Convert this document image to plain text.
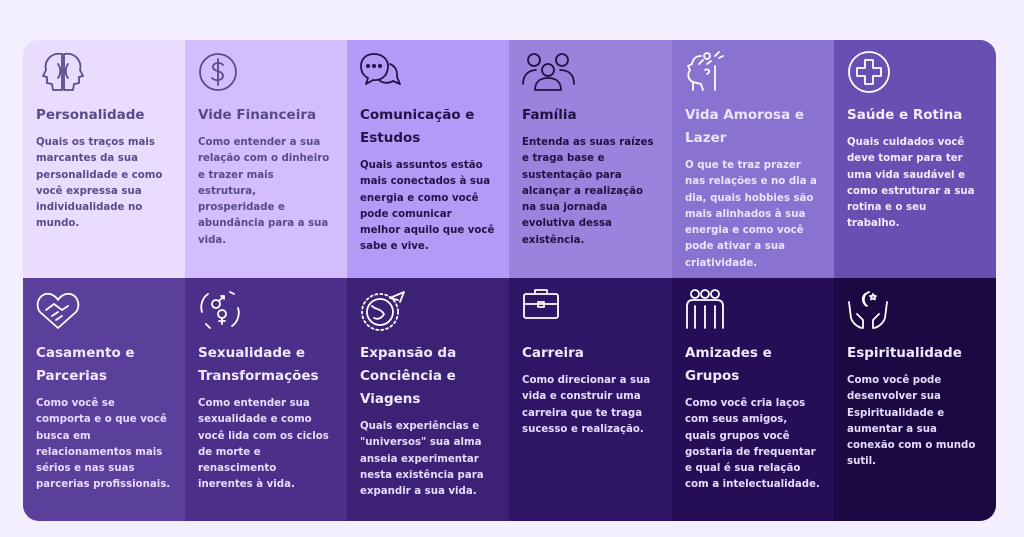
Personalidade

Quais os traços mais marcantes da sua personalidade e como você expressa sua individualidade no mundo.

Vide Financeira

Como entender a sua relação com o dinheiro e trazer mais estrutura, prosperidade e abundância para a sua vida.

Comunicação e Estudos

Quais assuntos estão mais conectados à sua energia e como você pode comunicar melhor aquilo que você sabe e vive.

Família

Entenda as suas raízes e traga base e sustentação para alcançar a realização na sua jornada evolutiva dessa existência.

Vida Amorosa e Lazer

O que te traz prazer nas relações e no dia a dia, quais hobbies são mais alinhados à sua energia e como você pode ativar a sua criatividade.

Saúde e Rotina

Quais cuidados você deve tomar para ter uma vida saudável e como estruturar a sua rotina e o seu trabalho.

Casamento e Parcerias

Como você se comporta e o que você busca em relacionamentos mais sérios e nas suas parcerias profissionais.

Sexualidade e Transformações

Como entender sua sexualidade e como você lida com os ciclos de morte e renascimento inerentes à vida.

Expansão da Conciência e Viagens

Quais experiências e "universos" sua alma anseia experimentar nesta existência para expandir a sua vida.

Carreira

Como direcionar a sua vida e construir uma carreira que te traga sucesso e realização.

Amizades e Grupos

Como você cria laços com seus amigos, quais grupos você gostaria de frequentar e qual é sua relação com a intelectualidade.

Espiritualidade

Como você pode desenvolver sua Espiritualidade e aumentar a sua conexão com o mundo sutil.
